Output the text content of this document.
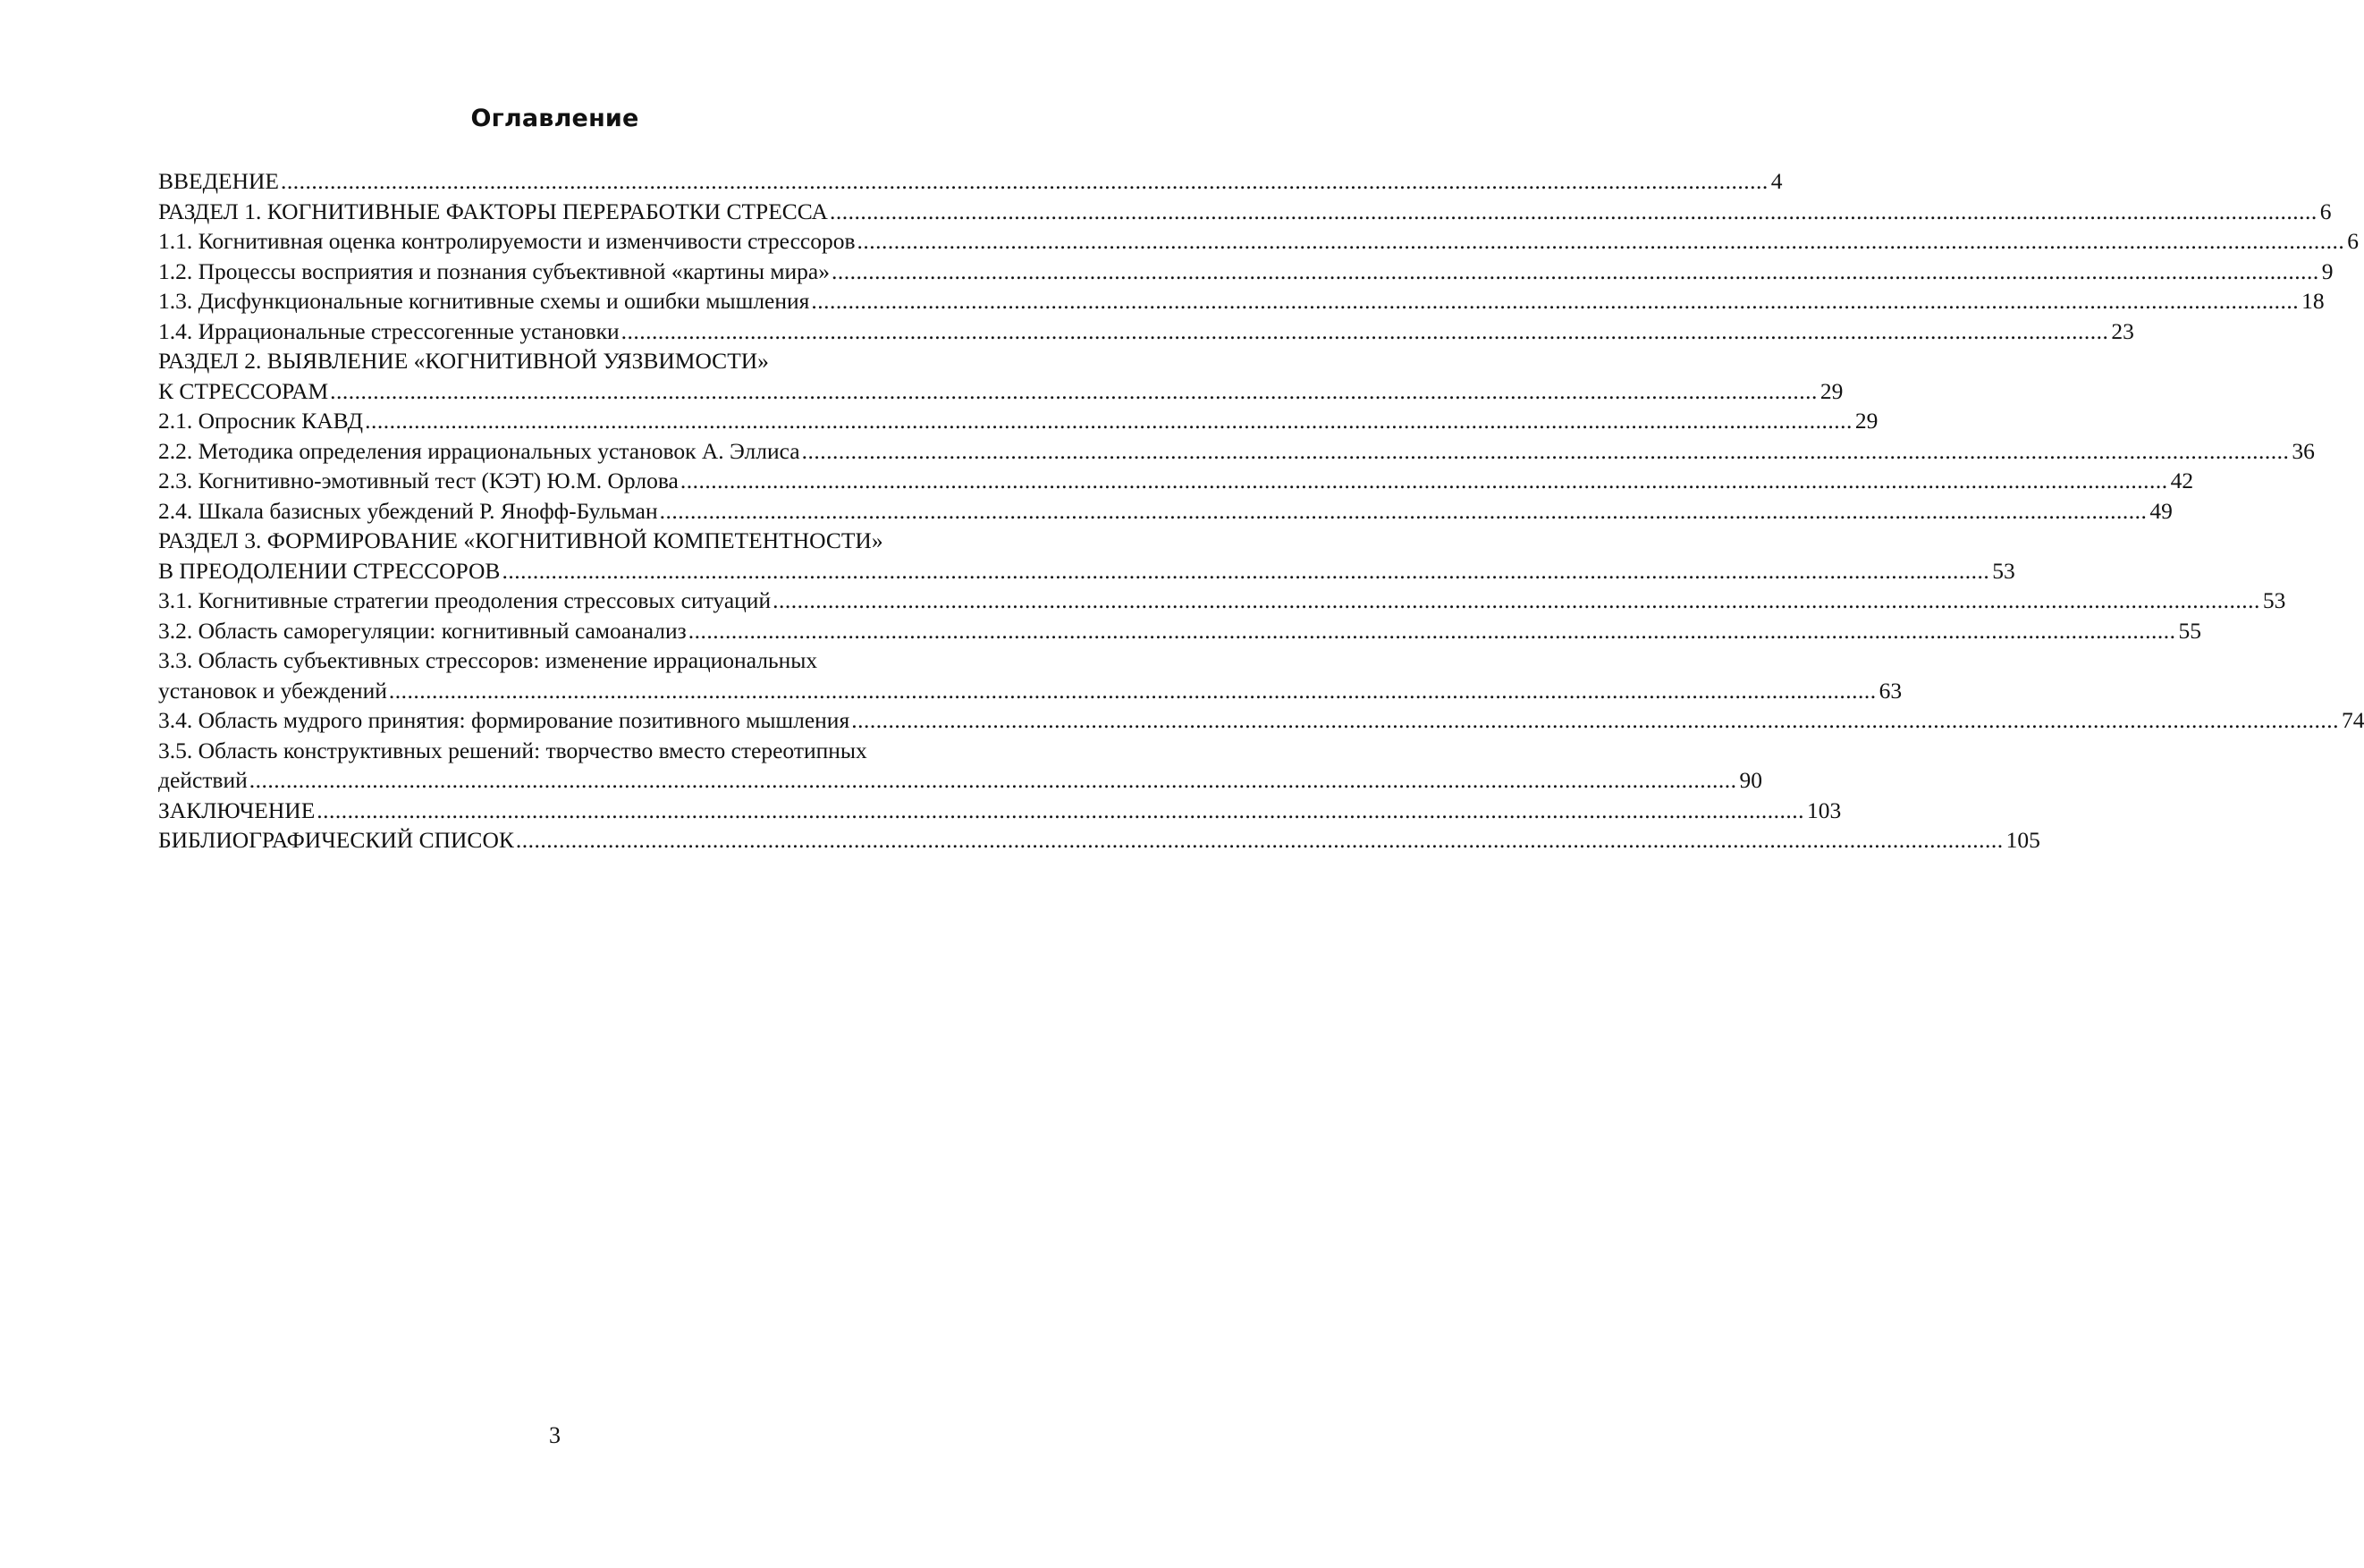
Оглавление
ВВЕДЕНИЕ .....	4
РАЗДЕЛ 1. КОГНИТИВНЫЕ ФАКТОРЫ ПЕРЕРАБОТКИ СТРЕССА .....	6
1.1. Когнитивная оценка контролируемости и изменчивости стрессоров .....	6
1.2. Процессы восприятия и познания субъективной «картины мира» .....	9
1.3. Дисфункциональные когнитивные схемы и ошибки мышления .....	18
1.4. Иррациональные стрессогенные установки .....	23
РАЗДЕЛ 2. ВЫЯВЛЕНИЕ «КОГНИТИВНОЙ УЯЗВИМОСТИ»
К СТРЕССОРАМ .....	29
2.1. Опросник КАВД .....	29
2.2. Методика определения иррациональных установок А. Эллиса .....	36
2.3. Когнитивно-эмотивный тест (КЭТ) Ю.М. Орлова .....	42
2.4. Шкала базисных убеждений Р. Янофф-Бульман .....	49
РАЗДЕЛ 3. ФОРМИРОВАНИЕ «КОГНИТИВНОЙ КОМПЕТЕНТНОСТИ»
В ПРЕОДОЛЕНИИ СТРЕССОРОВ .....	53
3.1. Когнитивные стратегии преодоления стрессовых ситуаций .....	53
3.2. Область саморегуляции: когнитивный самоанализ .....	55
3.3. Область субъективных стрессоров: изменение иррациональных
установок и убеждений .....	63
3.4. Область мудрого принятия: формирование позитивного мышления .....	74
3.5. Область конструктивных решений: творчество вместо стереотипных
действий .....	90
ЗАКЛЮЧЕНИЕ .....	103
БИБЛИОГРАФИЧЕСКИЙ СПИСОК .....	105
3
